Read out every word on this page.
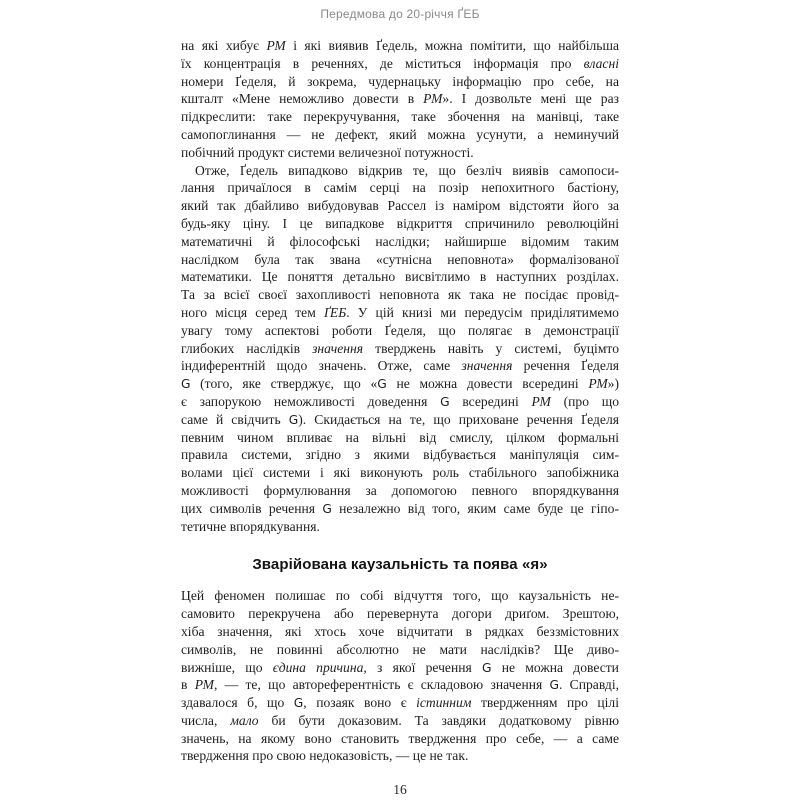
Передмова до 20-річчя ҐЕБ
на які хибує РМ і які виявив Ґедель, можна помітити, що найбільша
їх концентрація в реченнях, де міститься інформація про власні
номери Ґеделя, й зокрема, чудернацьку інформацію про себе, на
кшталт «Мене неможливо довести в РМ». І дозвольте мені ще раз
підкреслити: таке перекручування, таке збочення на манівці, таке
самопоглинання — не дефект, який можна усунути, а неминучий
побічний продукт системи величезної потужності.
Отже, Ґедель випадково відкрив те, що безліч виявів самопоси-
лання причаїлося в самім серці на позір непохитного бастіону,
який так дбайливо вибудовував Рассел із наміром відстояти його за
будь-яку ціну. І це випадкове відкриття спричинило революційні
математичні й філософські наслідки; найширше відомим таким
наслідком була так звана «сутнісна неповнота» формалізованої
математики. Це поняття детально висвітлимо в наступних розділах.
Та за всієї своєї захопливості неповнота як така не посідає провід-
ного місця серед тем ҐЕБ. У цій книзі ми передусім приділятимемо
увагу тому аспектові роботи Ґеделя, що полягає в демонстрації
глибоких наслідків значення тверджень навіть у системі, буцімто
індиферентній щодо значень. Отже, саме значення речення Ґеделя
G (того, яке стверджує, що «G не можна довести всередині РМ»)
є запорукою неможливості доведення G всередині РМ (про що
саме й свідчить G). Скидається на те, що приховане речення Ґеделя
певним чином впливає на вільні від смислу, цілком формальні
правила системи, згідно з якими відбувається маніпуляція сим-
волами цієї системи і які виконують роль стабільного запобіжника
можливості формулювання за допомогою певного впорядкування
цих символів речення G незалежно від того, яким саме буде це гіпо-
тетичне впорядкування.
Зварійована каузальність та поява «я»
Цей феномен полишає по собі відчуття того, що каузальність не-
самовито перекручена або перевернута догори дриґом. Зрештою,
хіба значення, які хтось хоче відчитати в рядках беззмістовних
символів, не повинні абсолютно не мати наслідків? Ще диво-
вижніше, що єдина причина, з якої речення G не можна довести
в РМ, — те, що автореферентність є складовою значення G. Справді,
здавалося б, що G, позаяк воно є істинним твердженням про цілі
числа, мало би бути доказовим. Та завдяки додатковому рівню
значень, на якому воно становить твердження про себе, — а саме
твердження про свою недоказовість, — це не так.
16
